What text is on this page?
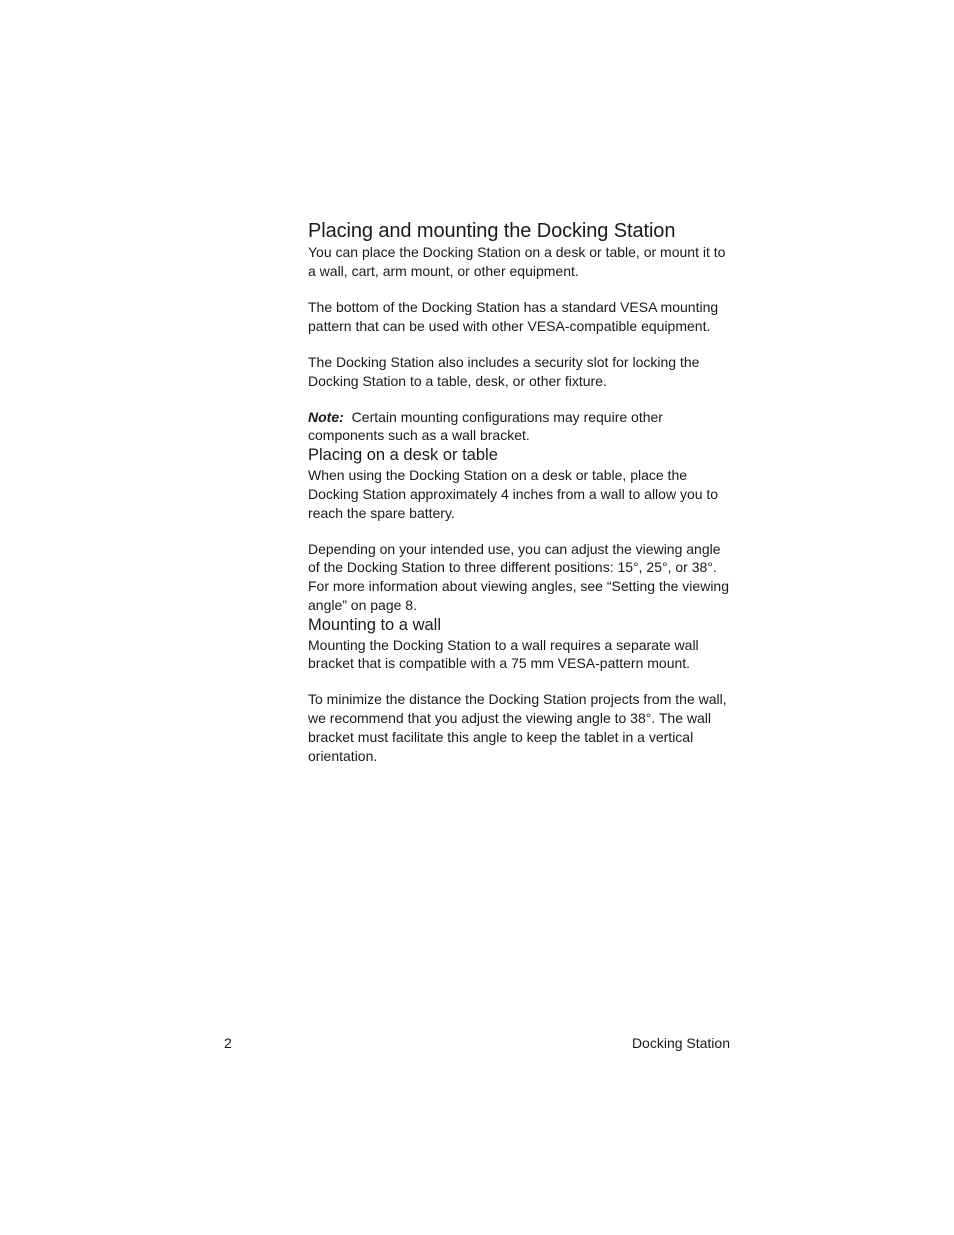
Placing and mounting the Docking Station

You can place the Docking Station on a desk or table, or mount it to a wall, cart, arm mount, or other equipment.

The bottom of the Docking Station has a standard VESA mounting pattern that can be used with other VESA-compatible equipment.

The Docking Station also includes a security slot for locking the Docking Station to a table, desk, or other fixture.

Note: Certain mounting configurations may require other components such as a wall bracket.

Placing on a desk or table

When using the Docking Station on a desk or table, place the Docking Station approximately 4 inches from a wall to allow you to reach the spare battery.

Depending on your intended use, you can adjust the viewing angle of the Docking Station to three different positions: 15°, 25°, or 38°. For more information about viewing angles, see “Setting the viewing angle” on page 8.

Mounting to a wall

Mounting the Docking Station to a wall requires a separate wall bracket that is compatible with a 75 mm VESA-pattern mount.

To minimize the distance the Docking Station projects from the wall, we recommend that you adjust the viewing angle to 38°. The wall bracket must facilitate this angle to keep the tablet in a vertical orientation.

2	Docking Station
